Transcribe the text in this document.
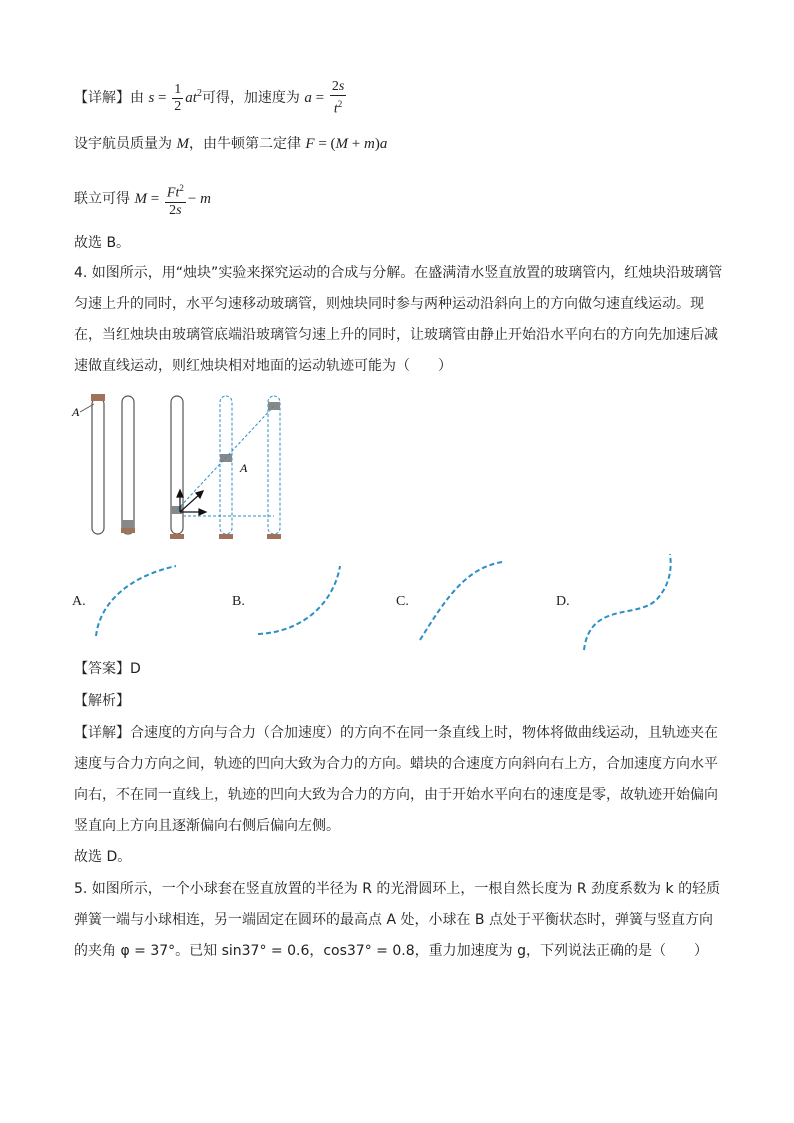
【详解】由 $s = \frac{1}{2} at^2$可得，加速度为 $a = \frac{2s}{t^2}$
设宇航员质量为 M，由牛顿第二定律 F = (M + m)a
联立可得 $M = \frac{Ft^2}{2s} - m$
故选 B。
4. 如图所示，用“烛块”实验来探究运动的合成与分解。在盛满清水竖直放置的玻璃管内，红烛块沿玻璃管匀速上升的同时，水平匀速移动玻璃管，则烛块同时参与两种运动沿斜向上的方向做匀速直线运动。现在，当红烛块由玻璃管底端沿玻璃管匀速上升的同时，让玻璃管由静止开始沿水平向右的方向先加速后减速做直线运动，则红烛块相对地面的运动轨迹可能为（　　）
A
A
A.	B.	C.	D.
【答案】D
【解析】
【详解】合速度的方向与合力（合加速度）的方向不在同一条直线上时，物体将做曲线运动，且轨迹夹在速度与合力方向之间，轨迹的凹向大致为合力的方向。蜡块的合速度方向斜向右上方，合加速度方向水平向右，不在同一直线上，轨迹的凹向大致为合力的方向，由于开始水平向右的速度是零，故轨迹开始偏向竖直向上方向且逐渐偏向右侧后偏向左侧。
故选 D。
5. 如图所示，一个小球套在竖直放置的半径为 R 的光滑圆环上，一根自然长度为 R 劲度系数为 k 的轻质弹簧一端与小球相连，另一端固定在圆环的最高点 A 处，小球在 B 点处于平衡状态时，弹簧与竖直方向的夹角 φ = 37°。已知 sin37° = 0.6，cos37° = 0.8，重力加速度为 g，下列说法正确的是（　　）
